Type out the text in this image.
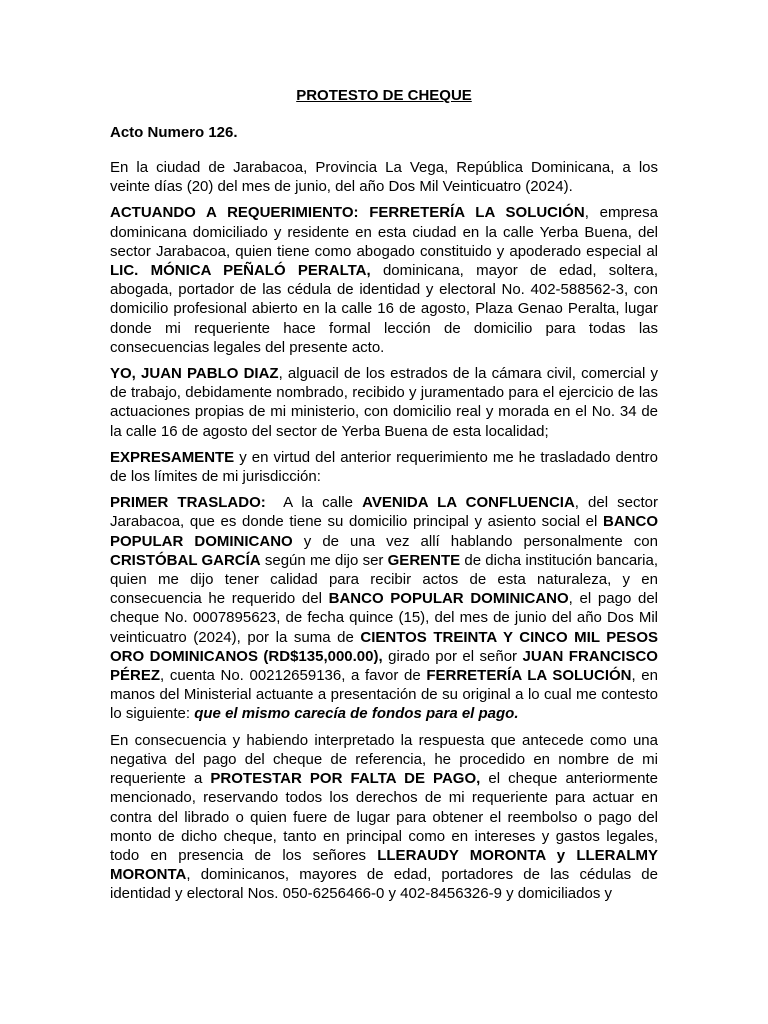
PROTESTO DE CHEQUE
Acto Numero 126.

En la ciudad de Jarabacoa, Provincia La Vega, República Dominicana, a los veinte días (20) del mes de junio, del año Dos Mil Veinticuatro (2024).

ACTUANDO A REQUERIMIENTO: FERRETERÍA LA SOLUCIÓN, empresa dominicana domiciliado y residente en esta ciudad en la calle Yerba Buena, del sector Jarabacoa, quien tiene como abogado constituido y apoderado especial al LIC. MÓNICA PEÑALÓ PERALTA, dominicana, mayor de edad, soltera, abogada, portador de las cédula de identidad y electoral No. 402-588562-3, con domicilio profesional abierto en la calle 16 de agosto, Plaza Genao Peralta, lugar donde mi requeriente hace formal lección de domicilio para todas las consecuencias legales del presente acto.

YO, JUAN PABLO DIAZ, alguacil de los estrados de la cámara civil, comercial y de trabajo, debidamente nombrado, recibido y juramentado para el ejercicio de las actuaciones propias de mi ministerio, con domicilio real y morada en el No. 34 de la calle 16 de agosto del sector de Yerba Buena de esta localidad;

EXPRESAMENTE y en virtud del anterior requerimiento me he trasladado dentro de los límites de mi jurisdicción:

PRIMER TRASLADO:  A la calle AVENIDA LA CONFLUENCIA, del sector Jarabacoa, que es donde tiene su domicilio principal y asiento social el BANCO POPULAR DOMINICANO y de una vez allí hablando personalmente con CRISTÓBAL GARCÍA según me dijo ser GERENTE de dicha institución bancaria, quien me dijo tener calidad para recibir actos de esta naturaleza, y en consecuencia he requerido del BANCO POPULAR DOMINICANO, el pago del cheque No. 0007895623, de fecha quince (15), del mes de junio del año Dos Mil veinticuatro (2024), por la suma de CIENTOS TREINTA Y CINCO MIL PESOS ORO DOMINICANOS (RD$135,000.00), girado por el señor JUAN FRANCISCO PÉREZ, cuenta No. 00212659136, a favor de FERRETERÍA LA SOLUCIÓN, en manos del Ministerial actuante a presentación de su original a lo cual me contesto lo siguiente: que el mismo carecía de fondos para el pago.

En consecuencia y habiendo interpretado la respuesta que antecede como una negativa del pago del cheque de referencia, he procedido en nombre de mi requeriente a PROTESTAR POR FALTA DE PAGO, el cheque anteriormente mencionado, reservando todos los derechos de mi requeriente para actuar en contra del librado o quien fuere de lugar para obtener el reembolso o pago del monto de dicho cheque, tanto en principal como en intereses y gastos legales, todo en presencia de los señores LLERAUDY MORONTA y LLERALMY MORONTA, dominicanos, mayores de edad, portadores de las cédulas de identidad y electoral Nos. 050-6256466-0 y 402-8456326-9 y domiciliados y
